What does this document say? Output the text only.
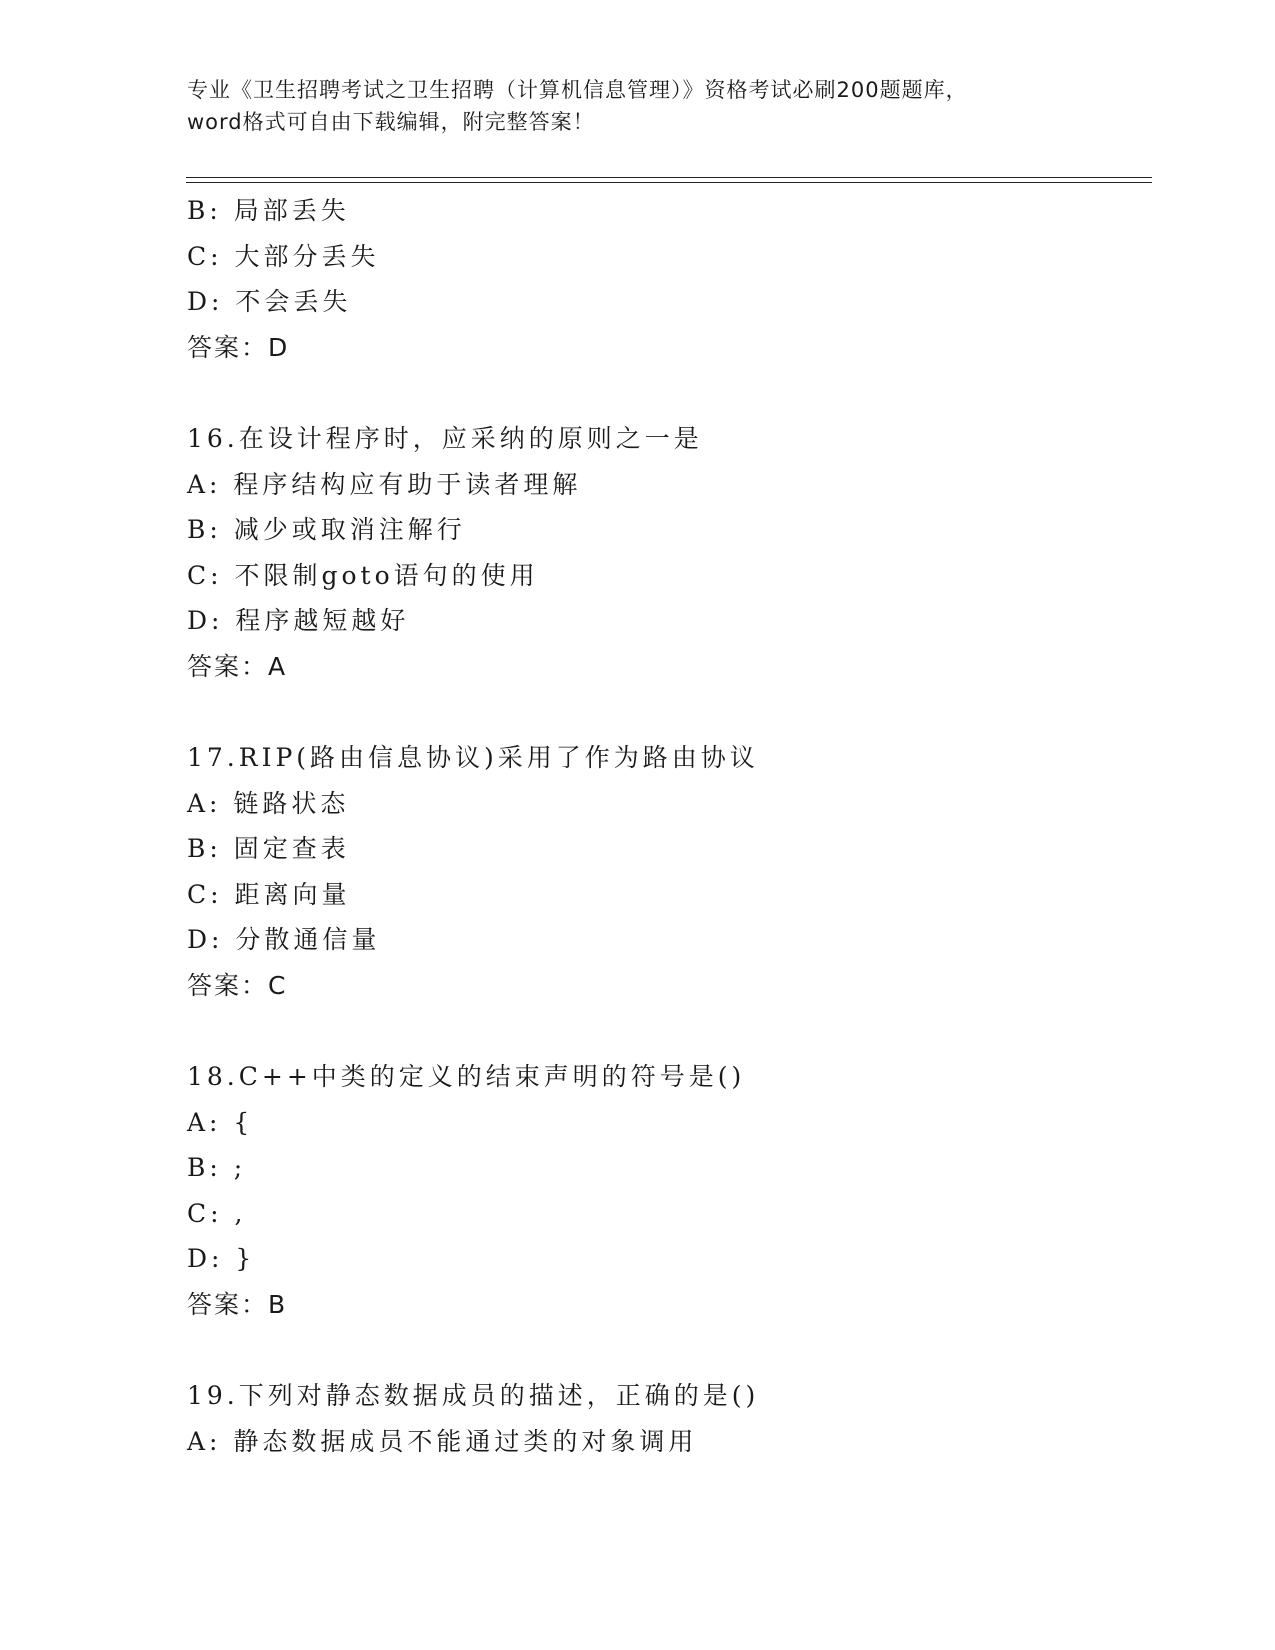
专业《卫生招聘考试之卫生招聘（计算机信息管理）》资格考试必刷200题题库，
word格式可自由下载编辑，附完整答案！
B: 局部丢失
C: 大部分丢失
D: 不会丢失
答案：D
16.在设计程序时，应采纳的原则之一是
A: 程序结构应有助于读者理解
B: 减少或取消注解行
C: 不限制goto语句的使用
D: 程序越短越好
答案：A
17.RIP(路由信息协议)采用了作为路由协议
A: 链路状态
B: 固定查表
C: 距离向量
D: 分散通信量
答案：C
18.C++中类的定义的结束声明的符号是()
A: {
B: ;
C: ,
D: }
答案：B
19.下列对静态数据成员的描述，正确的是()
A: 静态数据成员不能通过类的对象调用
